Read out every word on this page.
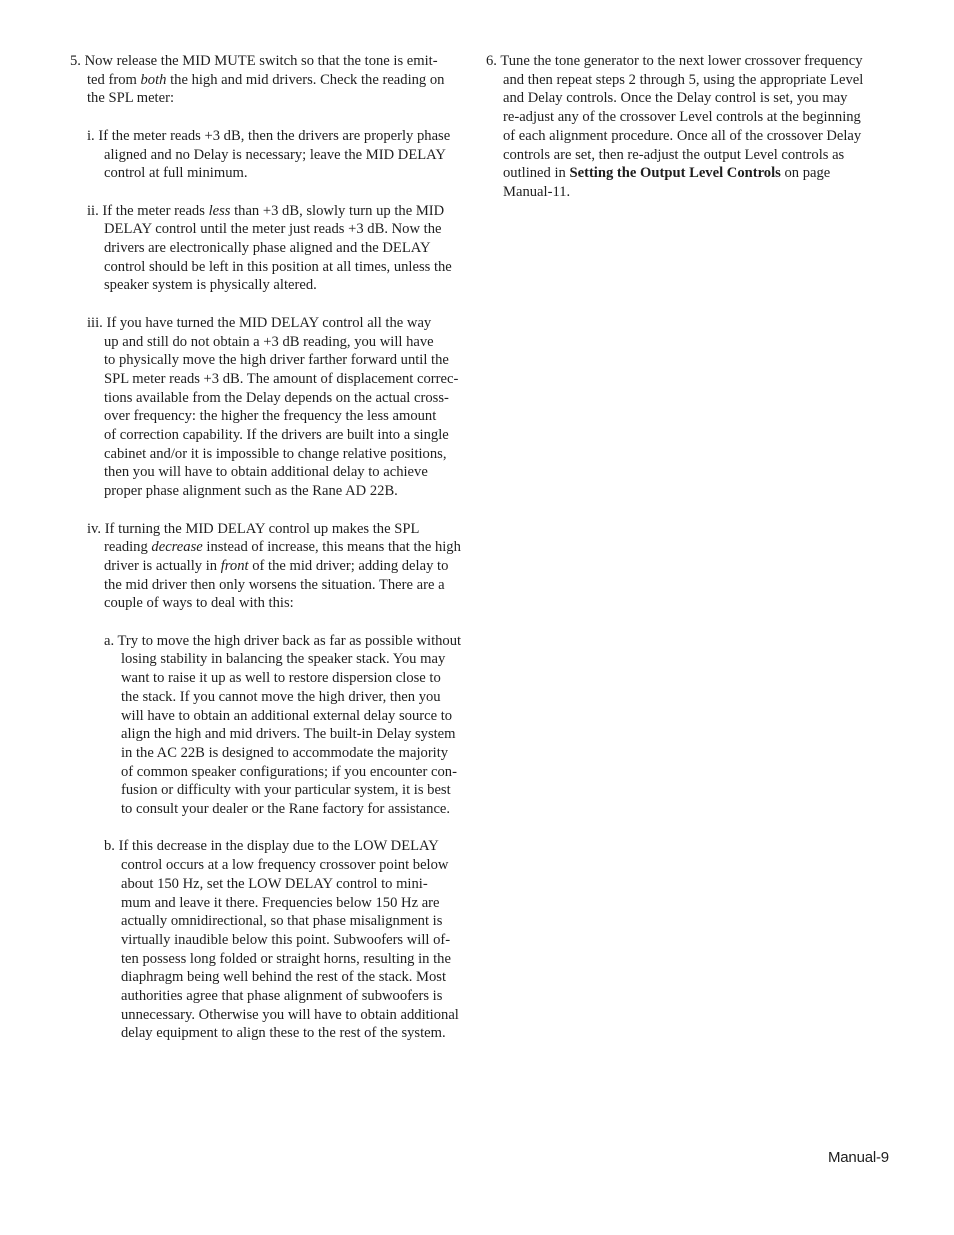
5. Now release the MID MUTE switch so that the tone is emit-
ted from both the high and mid drivers. Check the reading on
the SPL meter:
i. If the meter reads +3 dB, then the drivers are properly phase
aligned and no Delay is necessary; leave the MID DELAY
control at full minimum.
ii. If the meter reads less than +3 dB, slowly turn up the MID
DELAY control until the meter just reads +3 dB. Now the
drivers are electronically phase aligned and the DELAY
control should be left in this position at all times, unless the
speaker system is physically altered.
iii. If you have turned the MID DELAY control all the way
up and still do not obtain a +3 dB reading, you will have
to physically move the high driver farther forward until the
SPL meter reads +3 dB. The amount of displacement correc-
tions available from the Delay depends on the actual cross-
over frequency: the higher the frequency the less amount
of correction capability. If the drivers are built into a single
cabinet and/or it is impossible to change relative positions,
then you will have to obtain additional delay to achieve
proper phase alignment such as the Rane AD 22B.
iv. If turning the MID DELAY control up makes the SPL
reading decrease instead of increase, this means that the high
driver is actually in front of the mid driver; adding delay to
the mid driver then only worsens the situation. There are a
couple of ways to deal with this:
a. Try to move the high driver back as far as possible without
losing stability in balancing the speaker stack. You may
want to raise it up as well to restore dispersion close to
the stack. If you cannot move the high driver, then you
will have to obtain an additional external delay source to
align the high and mid drivers. The built-in Delay system
in the AC 22B is designed to accommodate the majority
of common speaker configurations; if you encounter con-
fusion or difficulty with your particular system, it is best
to consult your dealer or the Rane factory for assistance.
b. If this decrease in the display due to the LOW DELAY
control occurs at a low frequency crossover point below
about 150 Hz, set the LOW DELAY control to mini-
mum and leave it there. Frequencies below 150 Hz are
actually omnidirectional, so that phase misalignment is
virtually inaudible below this point. Subwoofers will of-
ten possess long folded or straight horns, resulting in the
diaphragm being well behind the rest of the stack. Most
authorities agree that phase alignment of subwoofers is
unnecessary. Otherwise you will have to obtain additional
delay equipment to align these to the rest of the system.
6. Tune the tone generator to the next lower crossover frequency
and then repeat steps 2 through 5, using the appropriate Level
and Delay controls. Once the Delay control is set, you may
re-adjust any of the crossover Level controls at the beginning
of each alignment procedure. Once all of the crossover Delay
controls are set, then re-adjust the output Level controls as
outlined in Setting the Output Level Controls on page
Manual-11.
Manual-9
